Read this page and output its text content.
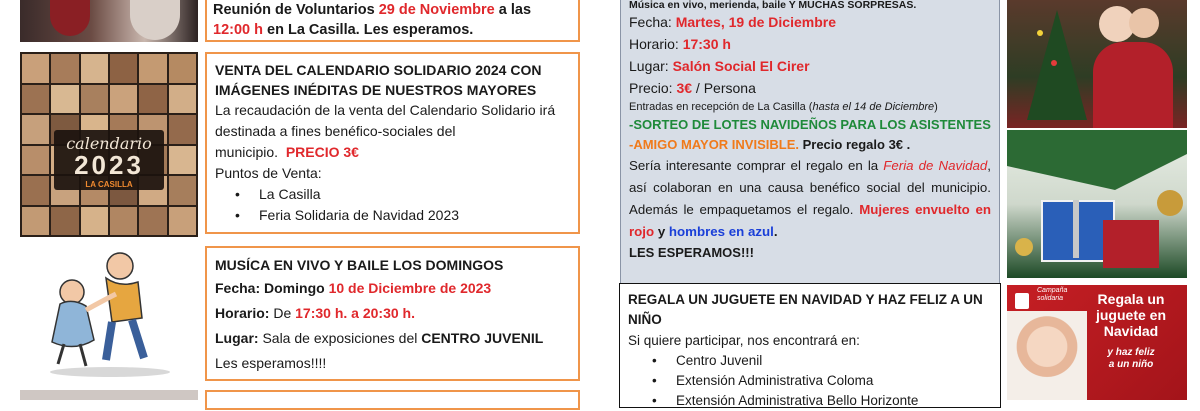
Reunión de Voluntarios 29 de Noviembre a las
12:00 h en La Casilla. Les esperamos.
calendario
2023
LA CASILLA
VENTA DEL CALENDARIO SOLIDARIO 2024 CON IMÁGENES INÉDITAS DE NUESTROS MAYORES
La recaudación de la venta del Calendario Solidario irá destinada a fines benéfico-sociales del municipio. PRECIO 3€
Puntos de Venta:
• La Casilla
• Feria Solidaria de Navidad 2023
MUSÍCA EN VIVO Y BAILE LOS DOMINGOS
Fecha: Domingo 10 de Diciembre de 2023
Horario: De 17:30 h. a 20:30 h.
Lugar: Sala de exposiciones del CENTRO JUVENIL
Les esperamos!!!!
Música en vivo, merienda, baile Y MUCHAS SORPRESAS.
Fecha: Martes, 19 de Diciembre
Horario: 17:30 h
Lugar: Salón Social El Cirer
Precio: 3€ / Persona
Entradas en recepción de La Casilla (hasta el 14 de Diciembre)
-SORTEO DE LOTES NAVIDEÑOS PARA LOS ASISTENTES
-AMIGO MAYOR INVISIBLE. Precio regalo 3€ .
Sería interesante comprar el regalo en la Feria de Navidad, así colaboran en una causa benéfico social del municipio. Además le empaquetamos el regalo. Mujeres envuelto en rojo y hombres en azul.
LES ESPERAMOS!!!
REGALA UN JUGUETE EN NAVIDAD Y HAZ FELIZ A UN NIÑO
Si quiere participar, nos encontrará en:
• Centro Juvenil
• Extensión Administrativa Coloma
• Extensión Administrativa Bello Horizonte
Campaña solidaria	Regala un
juguete en
Navidad
y haz feliz
a un niño
